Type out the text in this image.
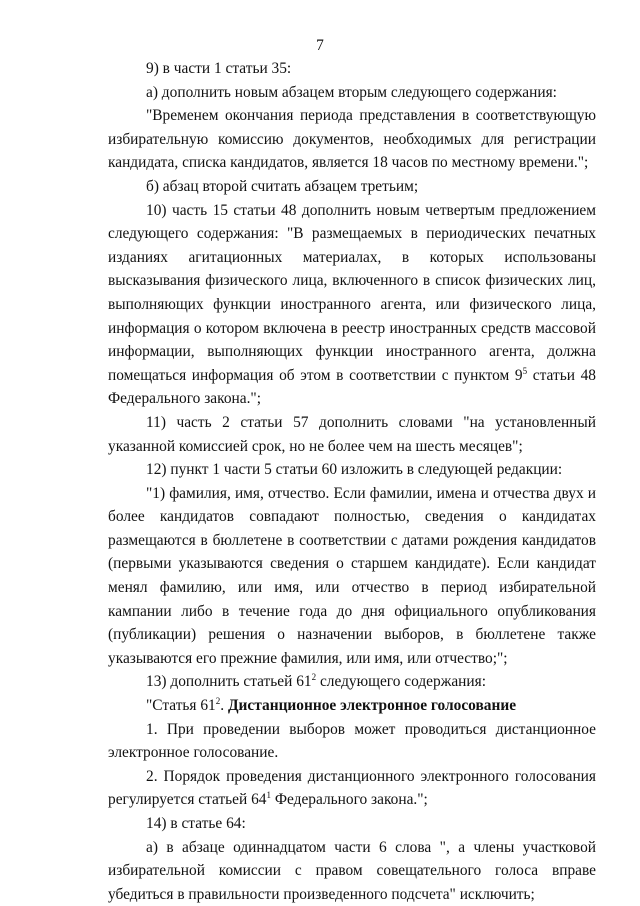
7

9) в части 1 статьи 35:

а) дополнить новым абзацем вторым следующего содержания:

"Временем окончания периода представления в соответствующую избирательную комиссию документов, необходимых для регистрации кандидата, списка кандидатов, является 18 часов по местному времени.";

б) абзац второй считать абзацем третьим;

10) часть 15 статьи 48 дополнить новым четвертым предложением следующего содержания: "В размещаемых в периодических печатных изданиях агитационных материалах, в которых использованы высказывания физического лица, включенного в список физических лиц, выполняющих функции иностранного агента, или физического лица, информация о котором включена в реестр иностранных средств массовой информации, выполняющих функции иностранного агента, должна помещаться информация об этом в соответствии с пунктом $9^5$ статьи 48 Федерального закона.";

11) часть 2 статьи 57 дополнить словами "на установленный указанной комиссией срок, но не более чем на шесть месяцев";

12) пункт 1 части 5 статьи 60 изложить в следующей редакции:

"1) фамилия, имя, отчество. Если фамилии, имена и отчества двух и более кандидатов совпадают полностью, сведения о кандидатах размещаются в бюллетене в соответствии с датами рождения кандидатов (первыми указываются сведения о старшем кандидате). Если кандидат менял фамилию, или имя, или отчество в период избирательной кампании либо в течение года до дня официального опубликования (публикации) решения о назначении выборов, в бюллетене также указываются его прежние фамилия, или имя, или отчество;";

13) дополнить статьей $61^2$ следующего содержания:

"Статья $61^2$. Дистанционное электронное голосование

1. При проведении выборов может проводиться дистанционное электронное голосование.

2. Порядок проведения дистанционного электронного голосования регулируется статьей $64^1$ Федерального закона.";

14) в статье 64:

а) в абзаце одиннадцатом части 6 слова ", а члены участковой избирательной комиссии с правом совещательного голоса вправе убедиться в правильности произведенного подсчета" исключить;
